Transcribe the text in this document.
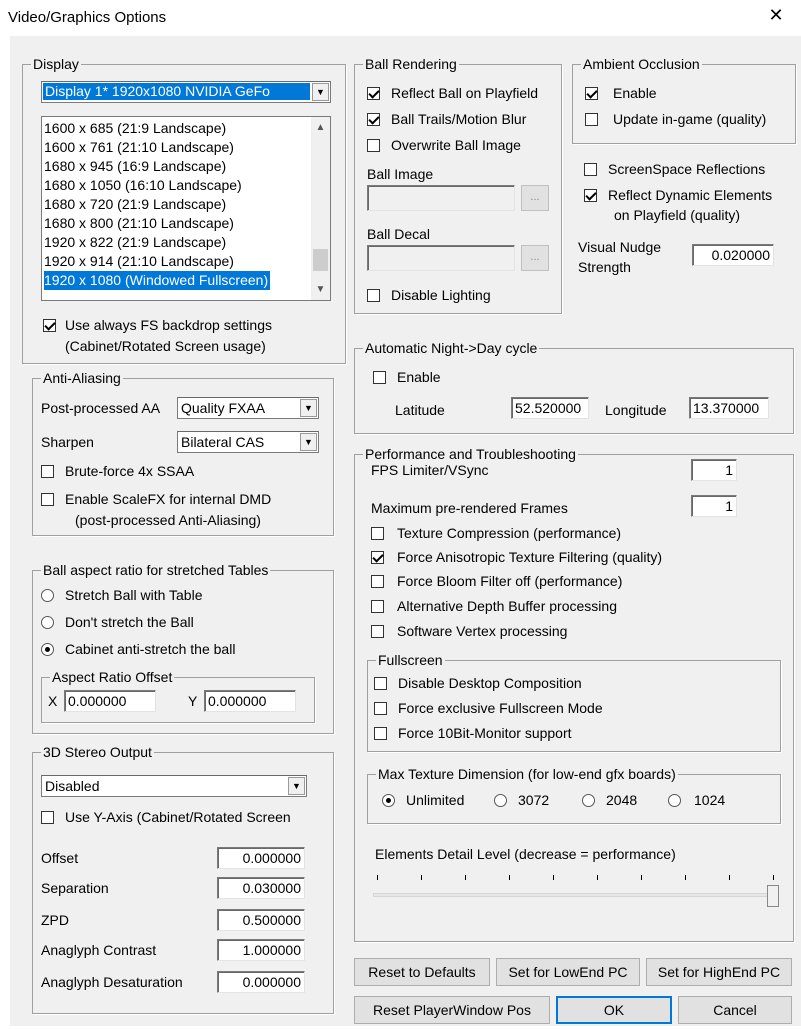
Video/Graphics Options	✕
Display
Display 1* 1920x1080 NVIDIA GeFo	▼
1600 x 685 (21:9 Landscape)
1600 x 761 (21:10 Landscape)
1680 x 945 (16:9 Landscape)
1680 x 1050 (16:10 Landscape)
1680 x 720 (21:9 Landscape)
1680 x 800 (21:10 Landscape)
1920 x 822 (21:9 Landscape)
1920 x 914 (21:10 Landscape)
1920 x 1080 (Windowed Fullscreen)
▲
▼
Use always FS backdrop settings
(Cabinet/Rotated Screen usage)
Anti-Aliasing
Post-processed AA Quality FXAA	▼
Sharpen	Bilateral CAS	▼
Brute-force 4x SSAA
Enable ScaleFX for internal DMD
(post-processed Anti-Aliasing)
Ball aspect ratio for stretched Tables
Stretch Ball with Table
Don't stretch the Ball
Cabinet anti-stretch the ball
Aspect Ratio Offset
X 0.000000	Y 0.000000
3D Stereo Output
Disabled	▼
Use Y-Axis (Cabinet/Rotated Screen
Offset	0.000000
Separation	0.030000
ZPD	0.500000
Anaglyph Contrast	1.000000
Anaglyph Desaturation	0.000000
Ball Rendering
Reflect Ball on Playfield
Ball Trails/Motion Blur
Overwrite Ball Image
Ball Image
...
Ball Decal
...
Disable Lighting
Ambient Occlusion
Enable
Update in-game (quality)
ScreenSpace Reflections
Reflect Dynamic Elements
on Playfield (quality)
Visual Nudge
Strength
0.020000
Automatic Night->Day cycle
Enable
Latitude	52.520000 Longitude 13.370000
Performance and Troubleshooting
FPS Limiter/VSync	1
Maximum pre-rendered Frames	1
Texture Compression (performance)
Force Anisotropic Texture Filtering (quality)
Force Bloom Filter off (performance)
Alternative Depth Buffer processing
Software Vertex processing
Fullscreen
Disable Desktop Composition
Force exclusive Fullscreen Mode
Force 10Bit-Monitor support
Max Texture Dimension (for low-end gfx boards)
Unlimited	3072	2048	1024
Elements Detail Level (decrease = performance)
Reset to Defaults	Set for LowEnd PC	Set for HighEnd PC
Reset PlayerWindow Pos	OK	Cancel
